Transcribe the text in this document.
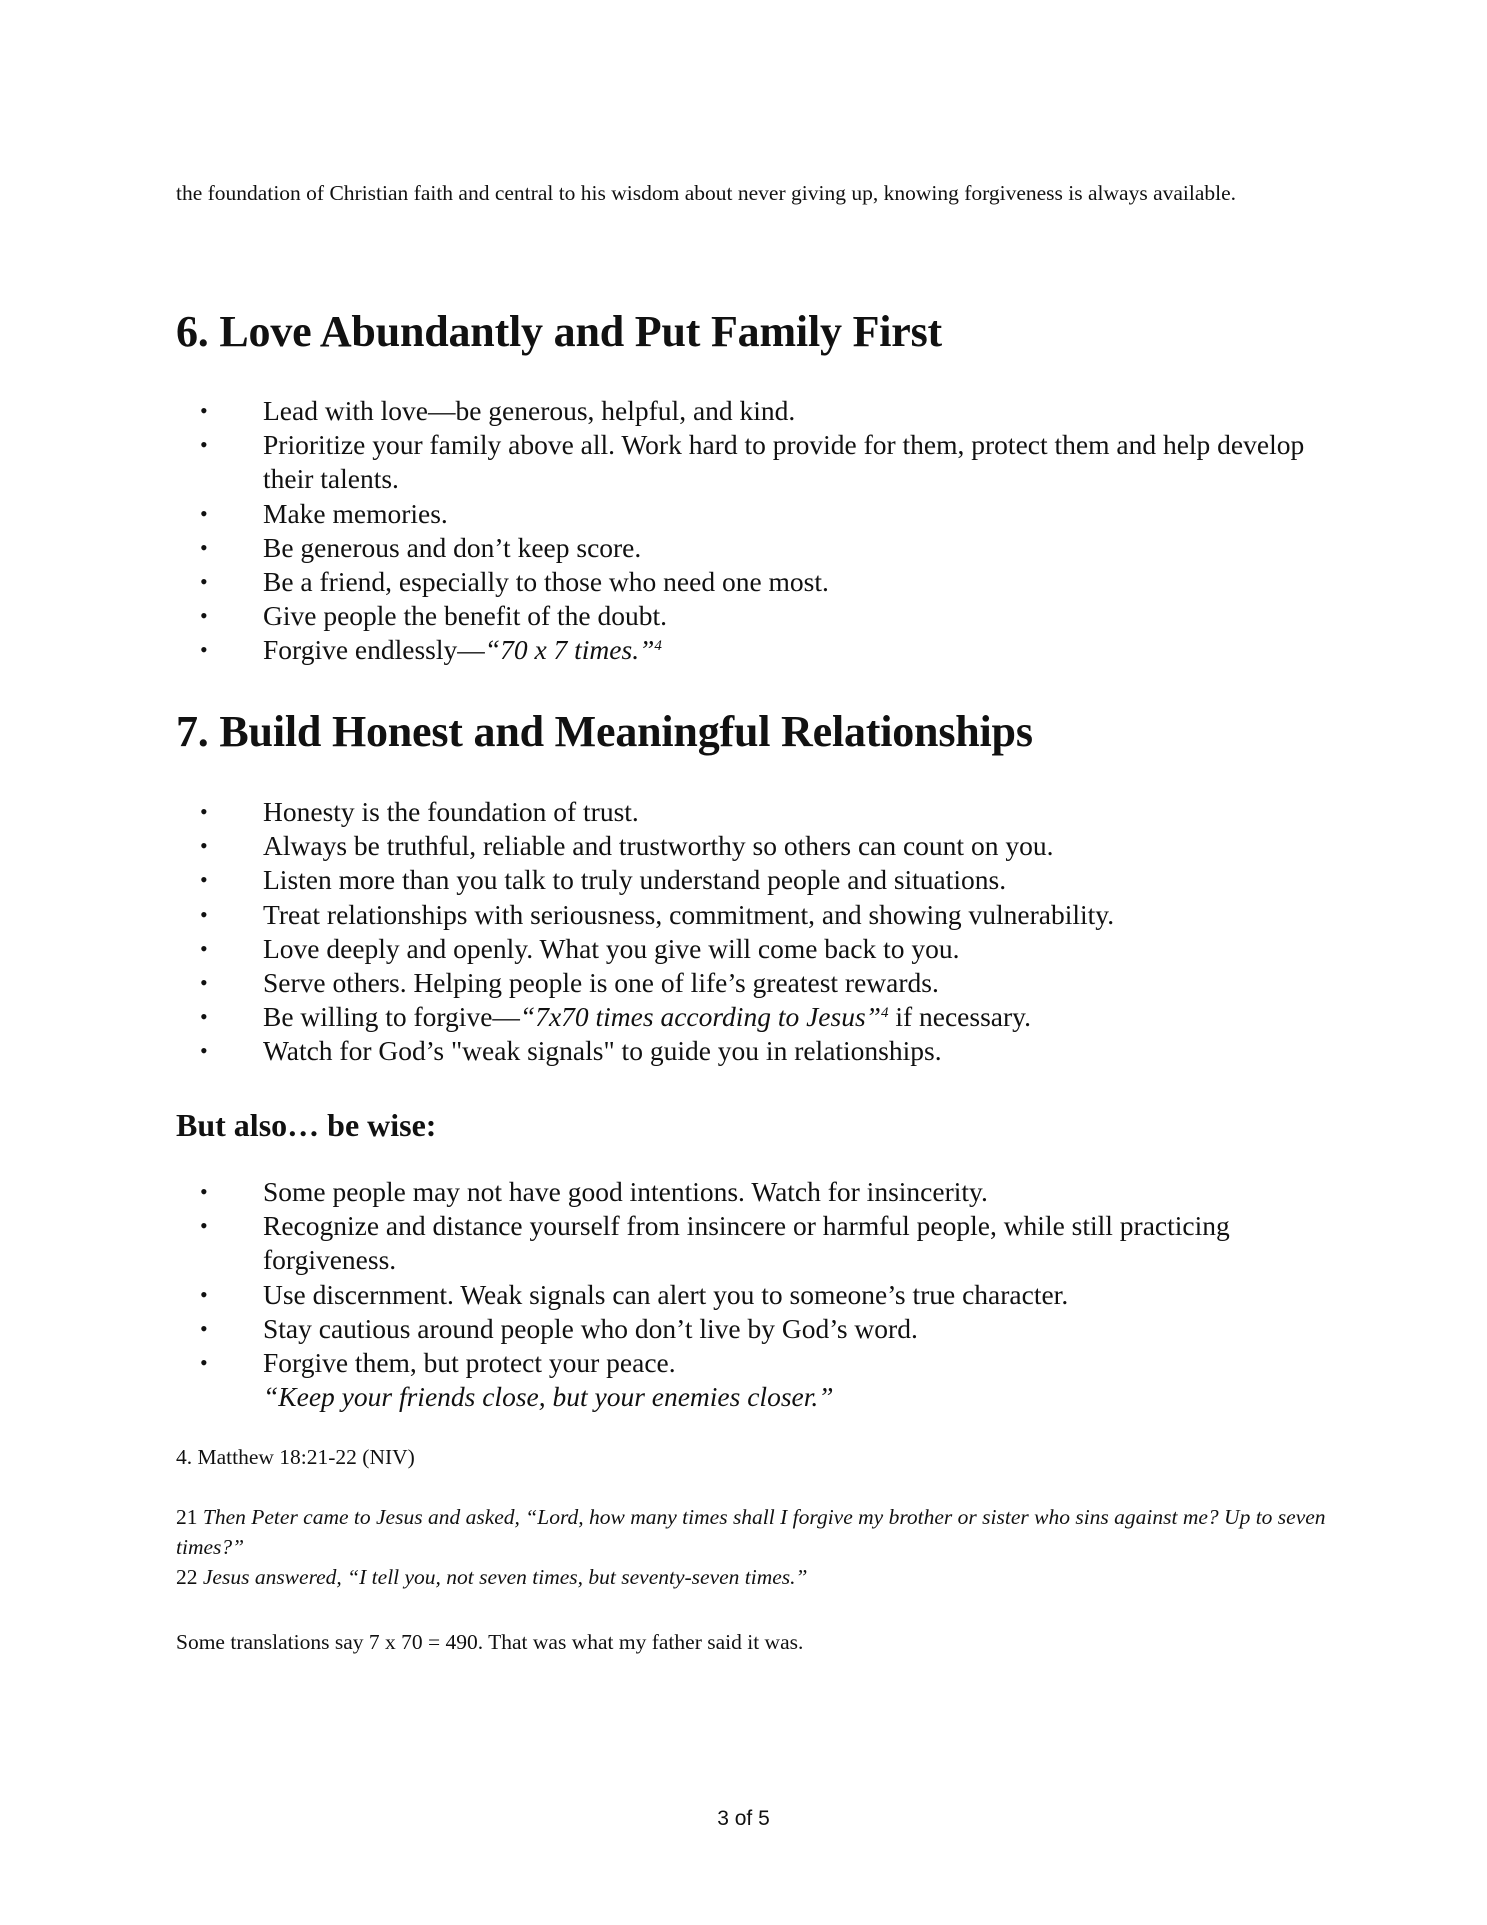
the foundation of Christian faith and central to his wisdom about never giving up, knowing forgiveness is always available.

6. Love Abundantly and Put Family First
• Lead with love—be generous, helpful, and kind.
• Prioritize your family above all. Work hard to provide for them, protect them and help develop their talents.
• Make memories.
• Be generous and don’t keep score.
• Be a friend, especially to those who need one most.
• Give people the benefit of the doubt.
• Forgive endlessly—“70 x 7 times.”$^4$
7. Build Honest and Meaningful Relationships
• Honesty is the foundation of trust.
• Always be truthful, reliable and trustworthy so others can count on you.
• Listen more than you talk to truly understand people and situations.
• Treat relationships with seriousness, commitment, and showing vulnerability.
• Love deeply and openly. What you give will come back to you.
• Serve others. Helping people is one of life’s greatest rewards.
• Be willing to forgive—“7x70 times according to Jesus”$^4$ if necessary.
• Watch for God’s "weak signals" to guide you in relationships.
But also… be wise:
• Some people may not have good intentions. Watch for insincerity.
• Recognize and distance yourself from insincere or harmful people, while still practicing forgiveness.
• Use discernment. Weak signals can alert you to someone’s true character.
• Stay cautious around people who don’t live by God’s word.
• Forgive them, but protect your peace.
“Keep your friends close, but your enemies closer.”

4. Matthew 18:21-22 (NIV)

21 Then Peter came to Jesus and asked, “Lord, how many times shall I forgive my brother or sister who sins against me? Up to seven times?”
22 Jesus answered, “I tell you, not seven times, but seventy-seven times.”

Some translations say 7 x 70 = 490. That was what my father said it was.

3 of 5
